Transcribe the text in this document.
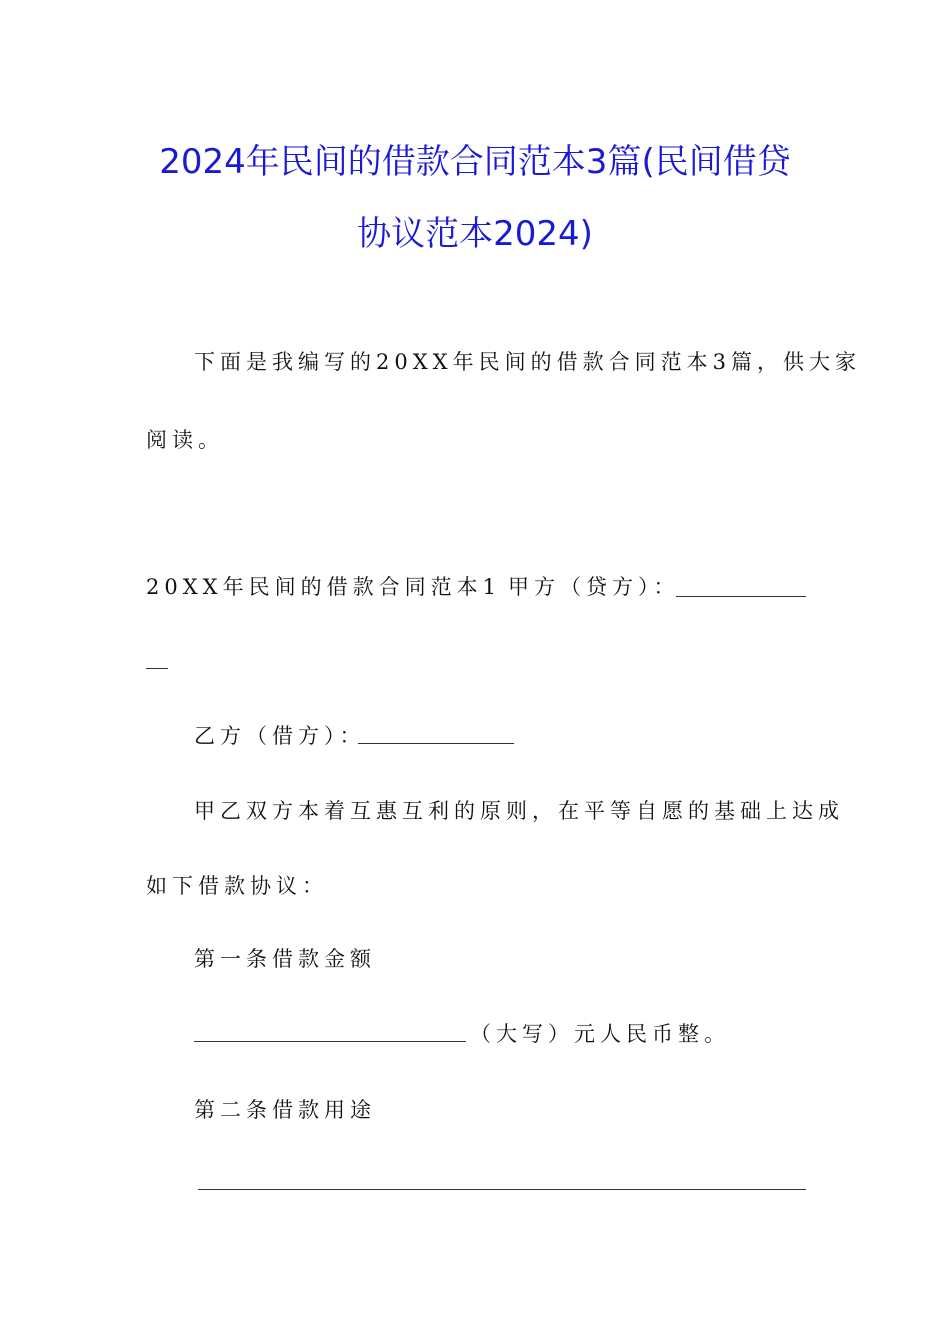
2024年民间的借款合同范本3篇(民间借贷
协议范本2024)
下面是我编写的20XX年民间的借款合同范本3篇，供大家
阅读。
20XX年民间的借款合同范本1 甲方（贷方）：
乙方（借方）：
甲乙双方本着互惠互利的原则，在平等自愿的基础上达成
如下借款协议：
第一条借款金额
（大写）元人民币整。
第二条借款用途
